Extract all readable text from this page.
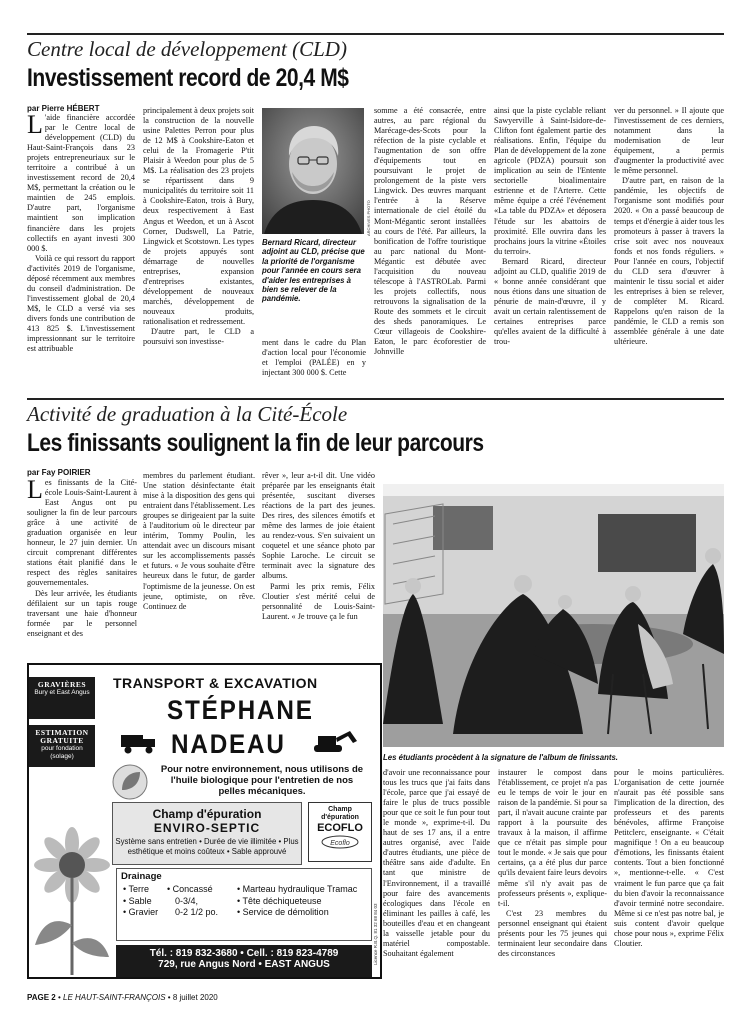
Centre local de développement (CLD)
Investissement record de 20,4 M$
par Pierre HÉBERT

L 'aide financière accordée par le Centre local de développement (CLD) du Haut-Saint-François dans 23 projets entrepreneuriaux sur le territoire a contribué à un investissement record de 20,4 M$, permettant la création ou le maintien de 245 emplois. D'autre part, l'organisme maintient son implication financière dans les projets collectifs en ayant investi 300 000 $.

Voilà ce qui ressort du rapport d'activités 2019 de l'organisme, déposé récemment aux membres du conseil d'administration. De l'investissement global de 20,4 M$, le CLD a versé via ses divers fonds une contribution de 413 825 $. L'investissement impressionnant sur le territoire est attribuable

principalement à deux projets soit la construction de la nouvelle usine Palettes Perron pour plus de 12 M$ à Cookshire-Eaton et celui de la Fromagerie P'tit Plaisir à Weedon pour plus de 5 M$. La réalisation des 23 projets se répartissent dans 9 municipalités du territoire soit 11 à Cookshire-Eaton, trois à Bury, deux respectivement à East Angus et Weedon, et un à Ascot Corner, Dudswell, La Patrie, Lingwick et Scotstown. Les types de projets appuyés sont démarrage de nouvelles entreprises, expansion d'entreprises existantes, développement de nouveaux marchés, développement de nouveaux produits, rationalisation et redressement.

D'autre part, le CLD a poursuivi son investisse-

ARCHIVES PHOTO
Bernard Ricard, directeur adjoint au CLD, précise que la priorité de l'organisme pour l'année en cours sera d'aider les entreprises à bien se relever de la pandémie.

ment dans le cadre du Plan d'action local pour l'économie et l'emploi (PALÉE) en y injectant 300 000 $. Cette

somme a été consacrée, entre autres, au parc régional du Marécage-des-Scots pour la réfection de la piste cyclable et l'augmentation de son offre d'équipements tout en poursuivant le projet de prolongement de la piste vers Lingwick. Des œuvres marquant l'entrée à la Réserve internationale de ciel étoilé du Mont-Mégantic seront installées au cours de l'été. Par ailleurs, la bonification de l'offre touristique au parc national du Mont-Mégantic est débutée avec l'acquisition du nouveau télescope à l'ASTROLab. Parmi les projets collectifs, nous retrouvons la signalisation de la Route des sommets et le circuit des sheds panoramiques. Le Cœur villageois de Cookshire-Eaton, le parc écoforestier de Johnville

ainsi que la piste cyclable reliant Sawyerville à Saint-Isidore-de-Clifton font également partie des réalisations. Enfin, l'équipe du Plan de développement de la zone agricole (PDZA) poursuit son implication au sein de l'Entente sectorielle bioalimentaire estrienne et de l'Arterre. Cette même équipe a créé l'événement «La table du PDZA» et déposera l'étude sur les abattoirs de proximité. Elle ouvrira dans les prochains jours la vitrine «Étoiles du terroir».

Bernard Ricard, directeur adjoint au CLD, qualifie 2019 de « bonne année considérant que nous étions dans une situation de pénurie de main-d'œuvre, il y avait un certain ralentissement de certaines entreprises parce qu'elles avaient de la difficulté à trou-

ver du personnel. » Il ajoute que l'investissement de ces derniers, notamment dans la modernisation de leur équipement, a permis d'augmenter la productivité avec le même personnel.

D'autre part, en raison de la pandémie, les objectifs de l'organisme sont modifiés pour 2020. « On a passé beaucoup de temps et d'énergie à aider tous les promoteurs à passer à travers la crise soit avec nos nouveaux fonds et nos fonds réguliers. » Pour l'année en cours, l'objectif du CLD sera d'œuvrer à maintenir le tissu social et aider les entreprises à bien se relever, de compléter M. Ricard. Rappelons qu'en raison de la pandémie, le CLD a remis son assemblée générale à une date ultérieure.

Activité de graduation à la Cité-École
Les finissants soulignent la fin de leur parcours
par Fay POIRIER

Les finissants de la Cité-école Louis-Saint-Laurent à East Angus ont pu souligner la fin de leur parcours grâce à une activité de graduation organisée en leur honneur, le 27 juin dernier. Un circuit comprenant différentes stations était planifié dans le respect des règles sanitaires gouvernementales.

Dès leur arrivée, les étudiants défilaient sur un tapis rouge traversant une haie d'honneur formée par le personnel enseignant et des

membres du parlement étudiant. Une station désinfectante était mise à la disposition des gens qui entraient dans l'établissement. Les groupes se dirigeaient par la suite à l'auditorium où le directeur par intérim, Tommy Poulin, les attendait avec un discours misant sur les accomplissements passés et futurs. « Je vous souhaite d'être heureux dans le futur, de garder l'optimisme de la jeunesse. On est jeune, optimiste, on rêve. Continuez de

rêver », leur a-t-il dit. Une vidéo préparée par les enseignants était présentée, suscitant diverses réactions de la part des jeunes. Des rires, des silences émotifs et même des larmes de joie étaient au rendez-vous. S'en suivaient un coquetel et une séance photo par Sophie Laroche. Le circuit se terminait avec la signature des albums.

Parmi les prix remis, Félix Cloutier s'est mérité celui de personnalité de Louis-Saint-Laurent. « Je trouve ça le fun

Les étudiants procèdent à la signature de l'album de finissants.

d'avoir une reconnaissance pour tous les trucs que j'ai faits dans l'école, parce que j'ai essayé de faire le plus de trucs possible pour que ce soit le fun pour tout le monde », exprime-t-il. Du haut de ses 17 ans, il a entre autres organisé, avec l'aide d'autres étudiants, une pièce de théâtre sans aide d'adulte. En tant que ministre de l'Environnement, il a travaillé pour faire des avancements écologiques dans l'école en éliminant les pailles à café, les bouteilles d'eau et en changeant la vaisselle jetable pour du matériel compostable. Souhaitant également

instaurer le compost dans l'établissement, ce projet n'a pas eu le temps de voir le jour en raison de la pandémie. Si pour sa part, il n'avait aucune crainte par rapport à la poursuite des travaux à la maison, il affirme que ce n'était pas simple pour tout le monde. « Je sais que pour certains, ça a été plus dur parce qu'ils devaient faire leurs devoirs même s'il n'y avait pas de professeurs présents », explique-t-il.

C'est 23 membres du personnel enseignant qui étaient présents pour les 75 jeunes qui terminaient leur secondaire dans des circonstances

pour le moins particulières. L'organisation de cette journée n'aurait pas été possible sans l'implication de la direction, des professeurs et des parents bénévoles, affirme Françoise Petitclerc, enseignante. « C'était magnifique ! On a eu beaucoup d'émotions, les finissants étaient contents. Tout a bien fonctionné », mentionne-t-elle. « C'est vraiment le fun parce que ça fait du bien d'avoir la reconnaissance d'avoir terminé notre secondaire. Même si ce n'est pas notre bal, je suis content d'avoir quelque chose pour nous », exprime Félix Cloutier.

GRAVIÈRES
Bury et East Angus
ESTIMATION GRATUITE
pour fondation (solage)
TRANSPORT & EXCAVATION
STÉPHANE
NADEAU
Pour notre environnement, nous utilisons de l'huile biologique pour l'entretien de nos pelles mécaniques.
Champ d'épuration
ENVIRO-SEPTIC
Système sans entretien • Durée de vie illimitée • Plus esthétique et moins coûteux • Sable approuvé
Champ d'épuration
ECOFLO
Ecoflo
Drainage
• Terre
• Sable
• Gravier
• Concassé
0-3/4,
0-2 1/2 po.
• Marteau hydraulique Tramac
• Tête déchiqueteuse
• Service de démolition
Tél. : 819 832-3680 • Cell. : 819 823-4789
729, rue Angus Nord • EAST ANGUS	Licence R.B.Q. 81 32 68 84 03
PAGE 2 • LE HAUT-SAINT-FRANÇOIS • 8 juillet 2020
